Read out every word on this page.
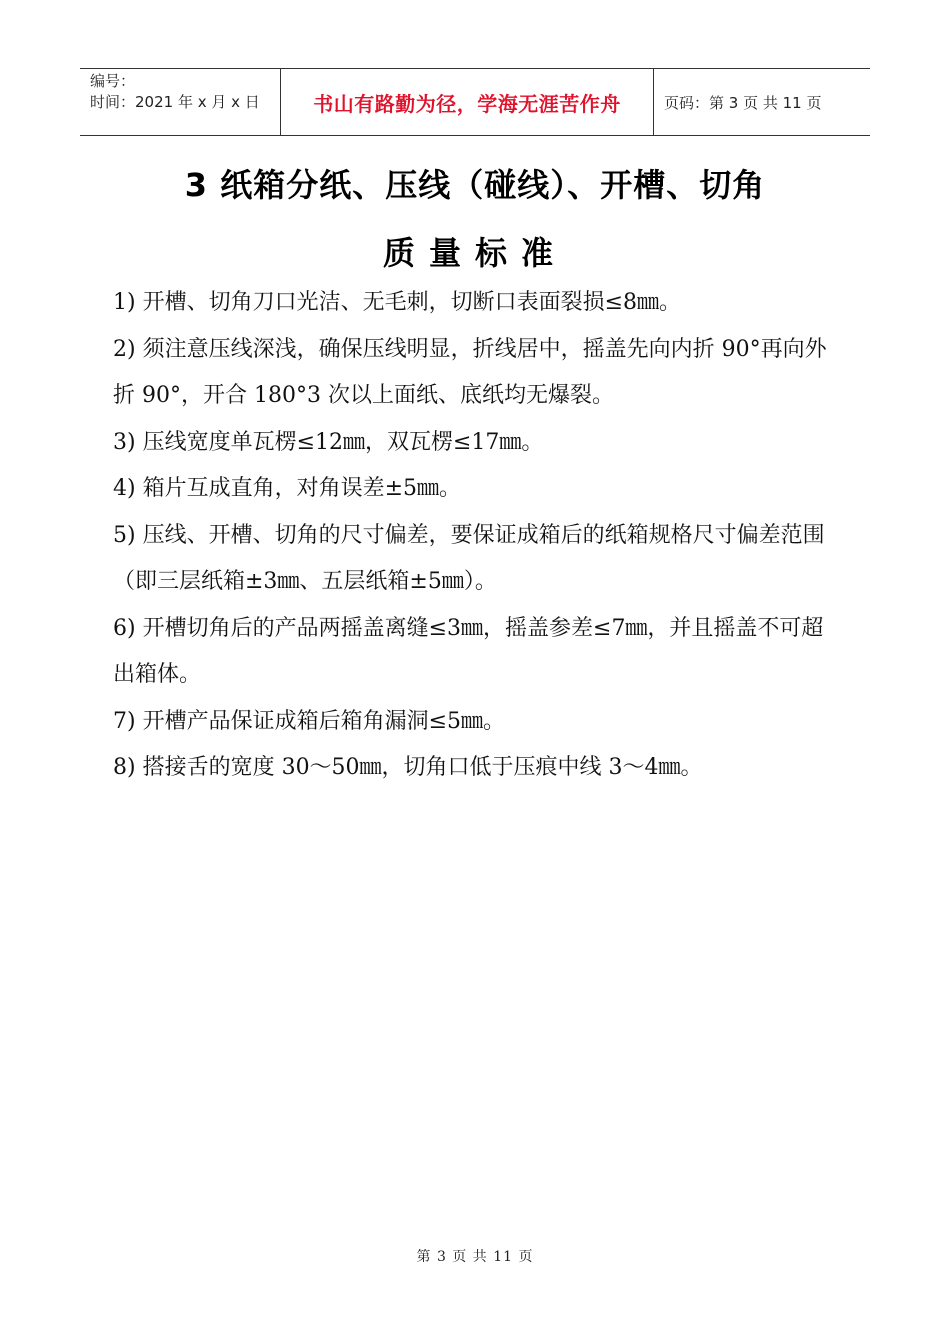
编号：
时间：2021 年 x 月 x 日	书山有路勤为径，学海无涯苦作舟	页码：第 3 页 共 11 页
3 纸箱分纸、压线（碰线）、开槽、切角
质量标准

1) 开槽、切角刀口光洁、无毛刺，切断口表面裂损≤8㎜。

2) 须注意压线深浅，确保压线明显，折线居中，摇盖先向内折 90°再向外折 90°，开合 180°3 次以上面纸、底纸均无爆裂。

3) 压线宽度单瓦楞≤12㎜，双瓦楞≤17㎜。

4) 箱片互成直角，对角误差±5㎜。

5) 压线、开槽、切角的尺寸偏差，要保证成箱后的纸箱规格尺寸偏差范围（即三层纸箱±3㎜、五层纸箱±5㎜）。

6) 开槽切角后的产品两摇盖离缝≤3㎜，摇盖参差≤7㎜，并且摇盖不可超出箱体。

7) 开槽产品保证成箱后箱角漏洞≤5㎜。

8) 搭接舌的宽度 30～50㎜，切角口低于压痕中线 3～4㎜。

第 3 页 共 11 页
